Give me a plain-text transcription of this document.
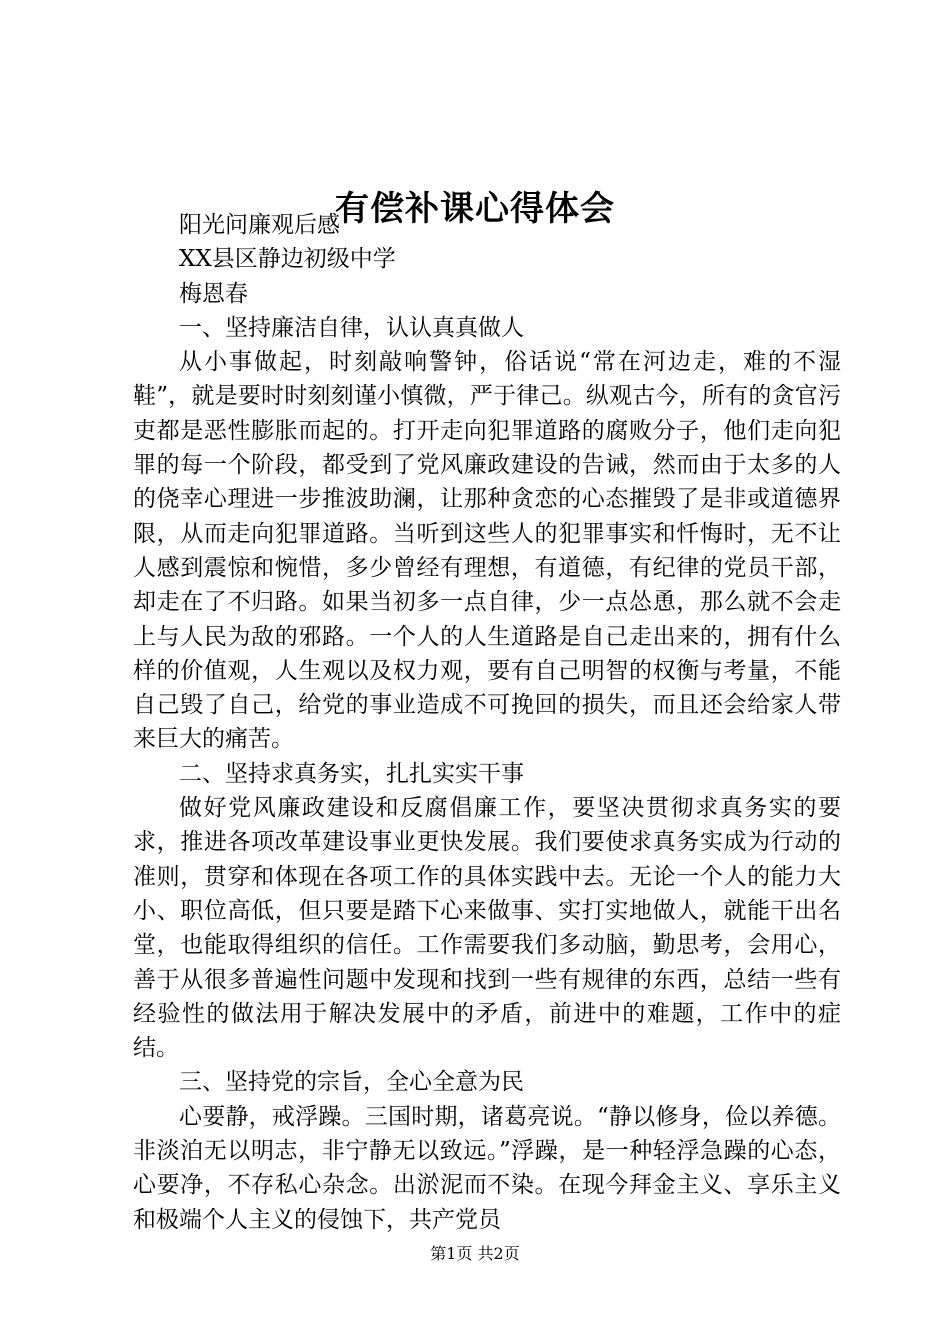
有偿补课心得体会

阳光问廉观后感

XX县区静边初级中学

梅恩春

一、坚持廉洁自律，认认真真做人

从小事做起，时刻敲响警钟，俗话说“常在河边走，难的不湿鞋”，就是要时时刻刻谨小慎微，严于律己。纵观古今，所有的贪官污吏都是恶性膨胀而起的。打开走向犯罪道路的腐败分子，他们走向犯罪的每一个阶段，都受到了党风廉政建设的告诫，然而由于太多的人的侥幸心理进一步推波助澜，让那种贪恋的心态摧毁了是非或道德界限，从而走向犯罪道路。当听到这些人的犯罪事实和忏悔时，无不让人感到震惊和惋惜，多少曾经有理想，有道德，有纪律的党员干部，却走在了不归路。如果当初多一点自律，少一点怂恿，那么就不会走上与人民为敌的邪路。一个人的人生道路是自己走出来的，拥有什么样的价值观，人生观以及权力观，要有自己明智的权衡与考量，不能自己毁了自己，给党的事业造成不可挽回的损失，而且还会给家人带来巨大的痛苦。

二、坚持求真务实，扎扎实实干事

做好党风廉政建设和反腐倡廉工作，要坚决贯彻求真务实的要求，推进各项改革建设事业更快发展。我们要使求真务实成为行动的准则，贯穿和体现在各项工作的具体实践中去。无论一个人的能力大小、职位高低，但只要是踏下心来做事、实打实地做人，就能干出名堂，也能取得组织的信任。工作需要我们多动脑，勤思考，会用心，善于从很多普遍性问题中发现和找到一些有规律的东西，总结一些有经验性的做法用于解决发展中的矛盾，前进中的难题，工作中的症结。

三、坚持党的宗旨，全心全意为民

心要静，戒浮躁。三国时期，诸葛亮说。“静以修身，俭以养德。非淡泊无以明志，非宁静无以致远。”浮躁，是一种轻浮急躁的心态，心要净，不存私心杂念。出淤泥而不染。在现今拜金主义、享乐主义和极端个人主义的侵蚀下，共产党员

第1页 共2页
